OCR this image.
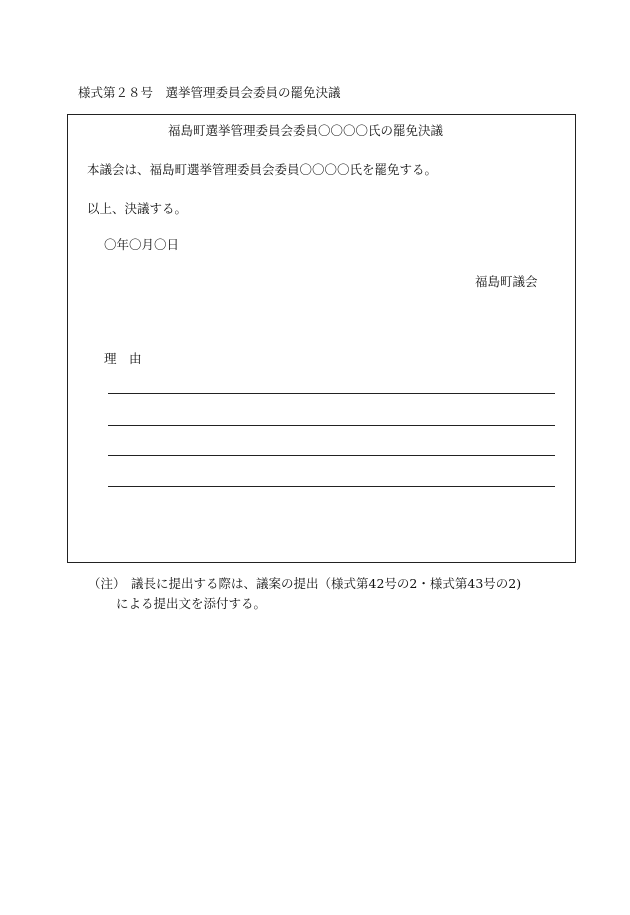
様式第２８号　選挙管理委員会委員の罷免決議
福島町選挙管理委員会委員〇〇〇〇氏の罷免決議
本議会は、福島町選挙管理委員会委員〇〇〇〇氏を罷免する。
以上、決議する。
〇年〇月〇日
福島町議会
理　由
（注） 議長に提出する際は、議案の提出（様式第42号の2・様式第43号の2)
による提出文を添付する。
